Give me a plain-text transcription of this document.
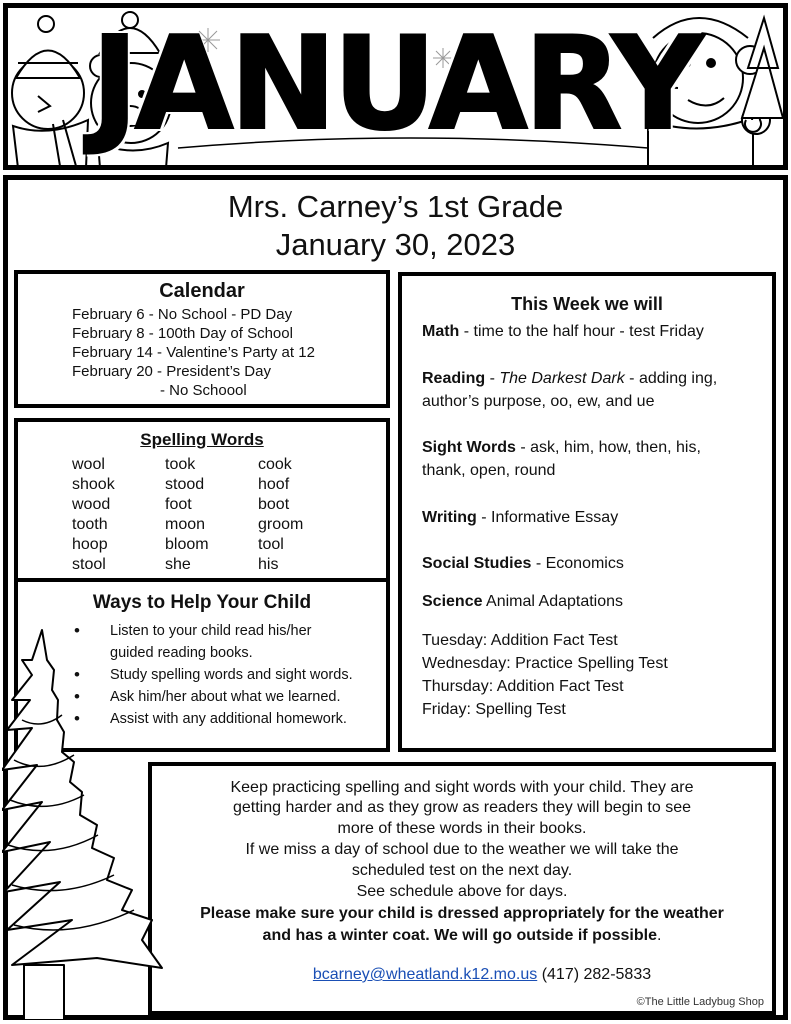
JANUARY
Mrs. Carney’s 1st Grade
January 30, 2023
Calendar
February 6 - No School - PD Day
February 8 - 100th Day of School
February 14 - Valentine’s Party at 12
February 20 - President’s Day
- No Schoool
Spelling Words
wool
shook
wood
tooth
hoop
stool
took
stood
foot
moon
bloom
she
cook
hoof
boot
groom
tool
his
Ways to Help Your Child
• Listen to your child read his/her
guided reading books.
• Study spelling words and sight words.
• Ask him/her about what we learned.
• Assist with any additional homework.
This Week we will
Math - time to the half hour - test Friday
Reading - The Darkest Dark - adding ing,
author’s purpose, oo, ew, and ue
Sight Words - ask, him, how, then, his,
thank, open, round
Writing - Informative Essay
Social Studies - Economics
Science Animal Adaptations
Tuesday: Addition Fact Test
Wednesday: Practice Spelling Test
Thursday: Addition Fact Test
Friday: Spelling Test
Keep practicing spelling and sight words with your child. They are
getting harder and as they grow as readers they will begin to see
more of these words in their books.
If we miss a day of school due to the weather we will take the
scheduled test on the next day.
See schedule above for days.
Please make sure your child is dressed appropriately for the weather
and has a winter coat. We will go outside if possible.
bcarney@wheatland.k12.mo.us (417) 282-5833
©The Little Ladybug Shop
